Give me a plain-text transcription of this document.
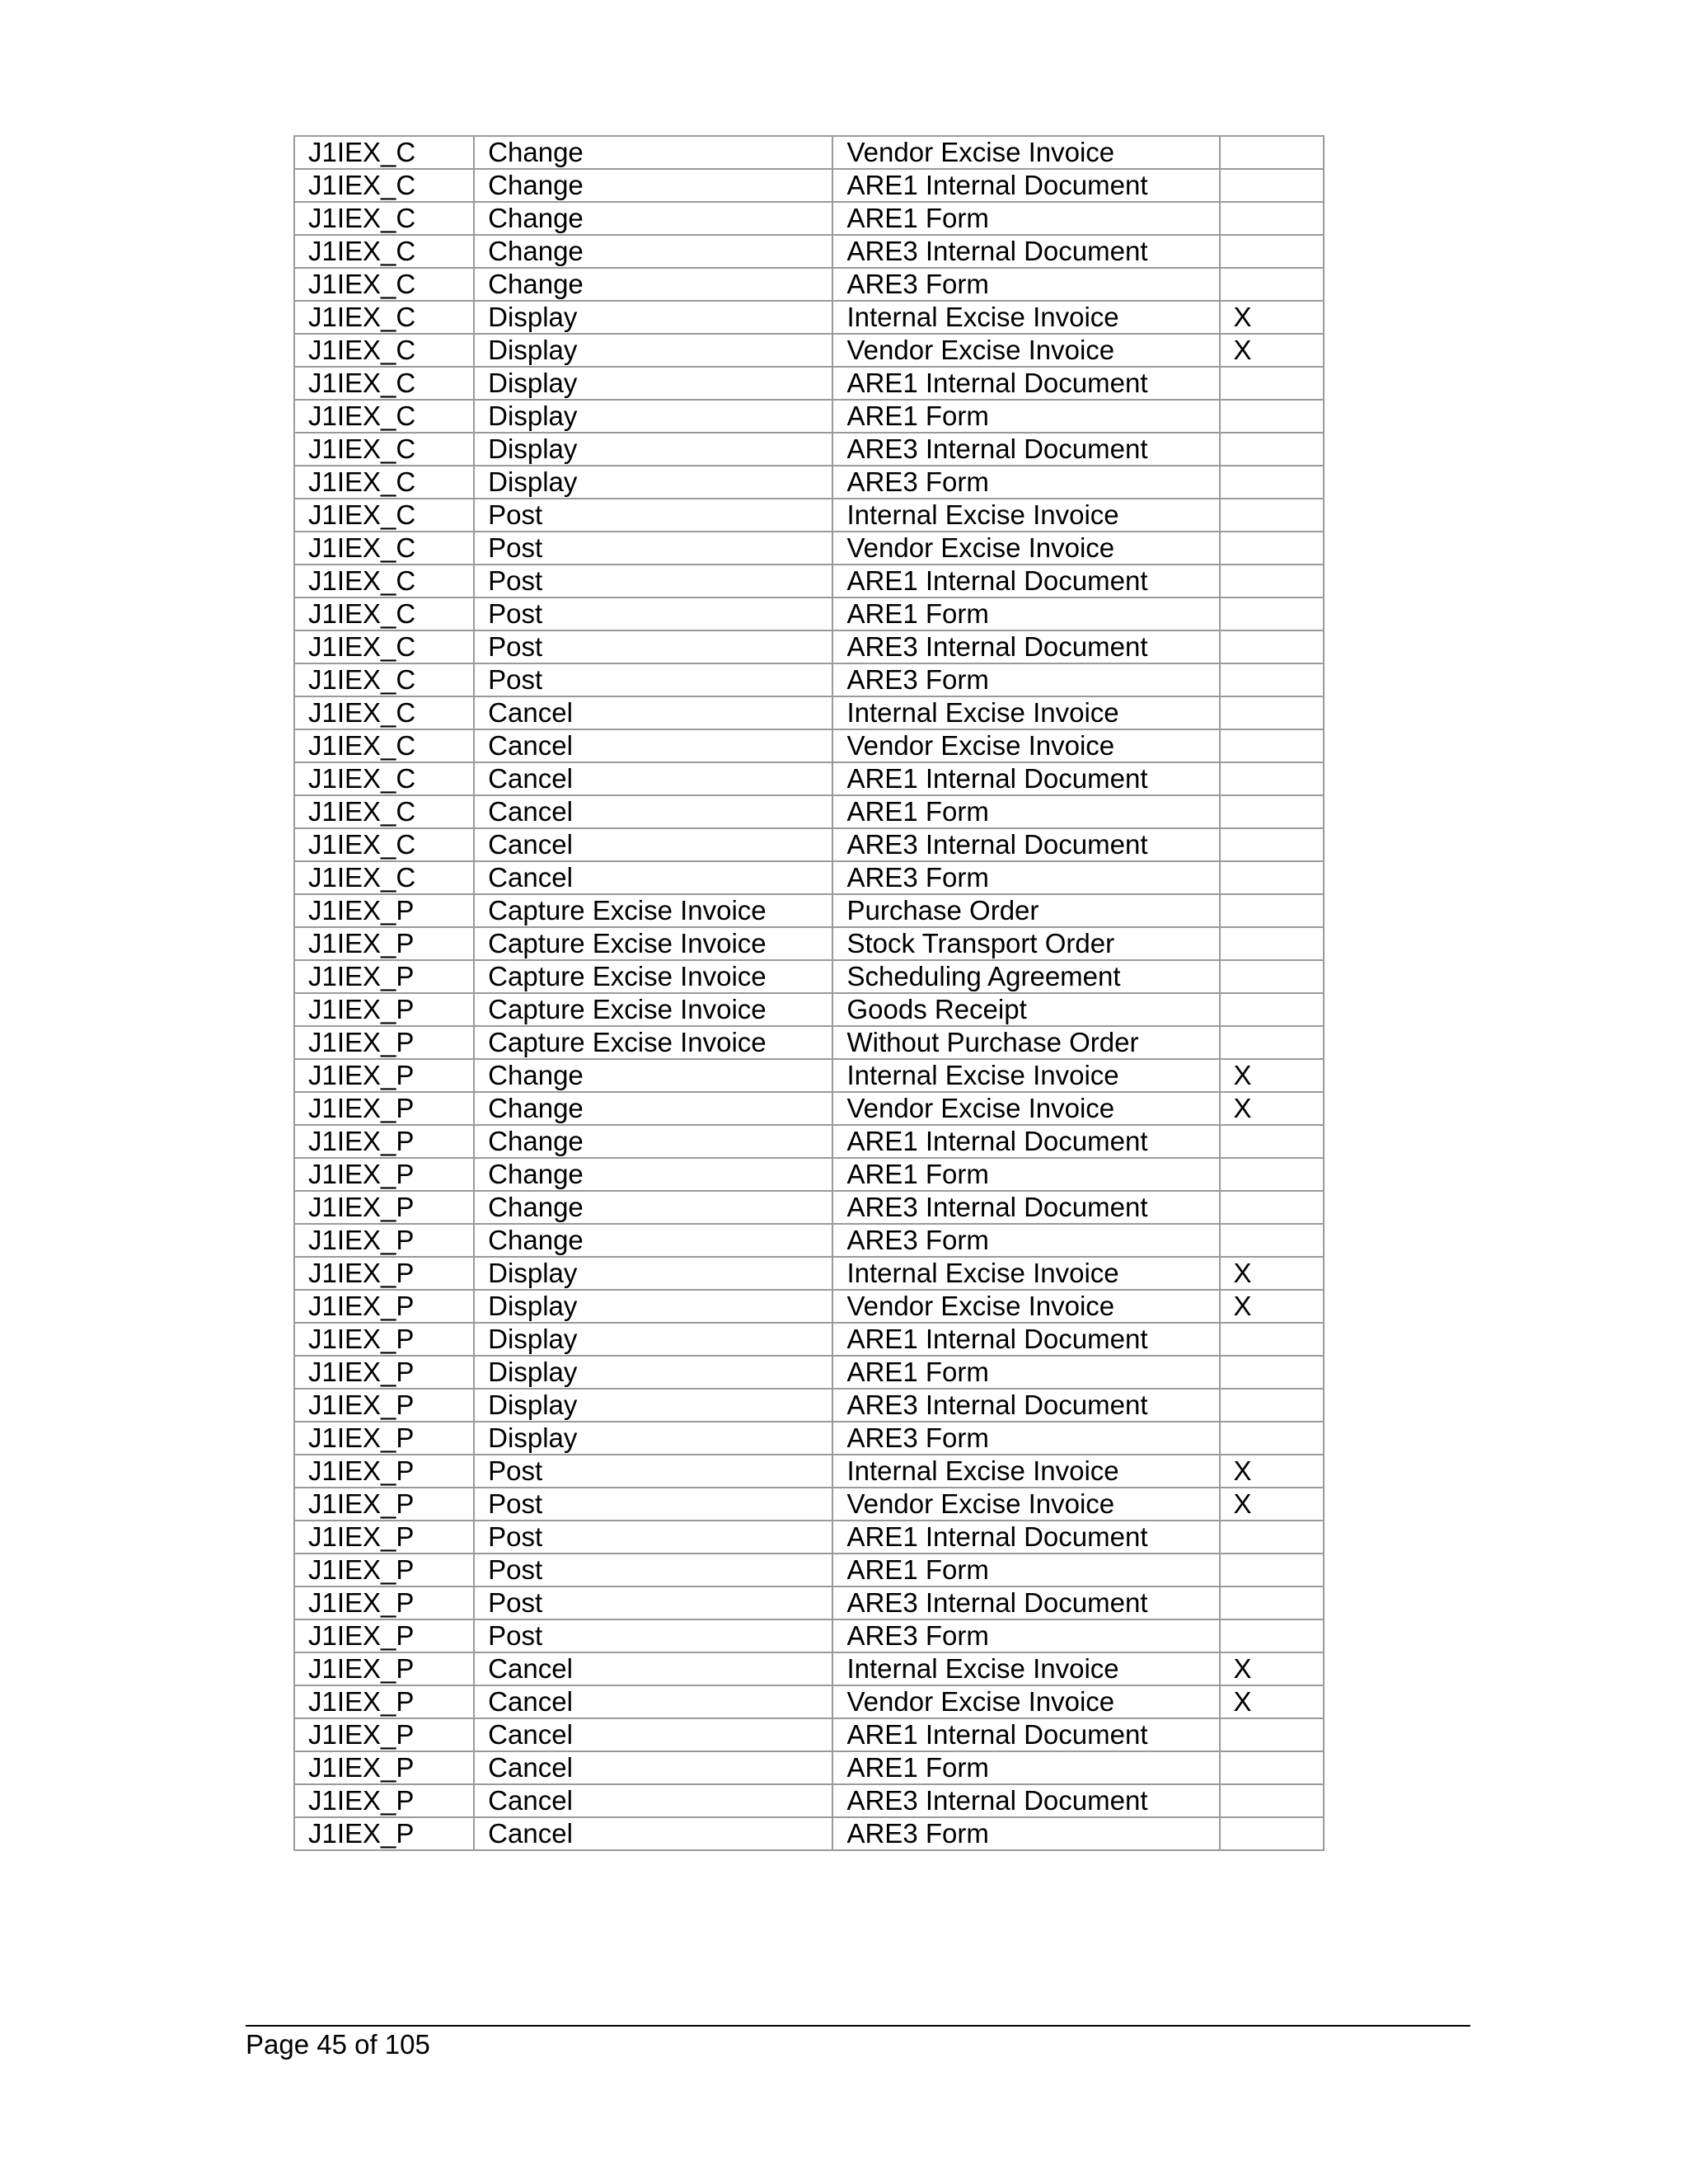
J1IEX_C	Change	Vendor Excise Invoice	
J1IEX_C	Change	ARE1 Internal Document	
J1IEX_C	Change	ARE1 Form	
J1IEX_C	Change	ARE3 Internal Document	
J1IEX_C	Change	ARE3 Form	
J1IEX_C	Display	Internal Excise Invoice	X
J1IEX_C	Display	Vendor Excise Invoice	X
J1IEX_C	Display	ARE1 Internal Document	
J1IEX_C	Display	ARE1 Form	
J1IEX_C	Display	ARE3 Internal Document	
J1IEX_C	Display	ARE3 Form	
J1IEX_C	Post	Internal Excise Invoice	
J1IEX_C	Post	Vendor Excise Invoice	
J1IEX_C	Post	ARE1 Internal Document	
J1IEX_C	Post	ARE1 Form	
J1IEX_C	Post	ARE3 Internal Document	
J1IEX_C	Post	ARE3 Form	
J1IEX_C	Cancel	Internal Excise Invoice	
J1IEX_C	Cancel	Vendor Excise Invoice	
J1IEX_C	Cancel	ARE1 Internal Document	
J1IEX_C	Cancel	ARE1 Form	
J1IEX_C	Cancel	ARE3 Internal Document	
J1IEX_C	Cancel	ARE3 Form	
J1IEX_P	Capture Excise Invoice	Purchase Order	
J1IEX_P	Capture Excise Invoice	Stock Transport Order	
J1IEX_P	Capture Excise Invoice	Scheduling Agreement	
J1IEX_P	Capture Excise Invoice	Goods Receipt	
J1IEX_P	Capture Excise Invoice	Without Purchase Order	
J1IEX_P	Change	Internal Excise Invoice	X
J1IEX_P	Change	Vendor Excise Invoice	X
J1IEX_P	Change	ARE1 Internal Document	
J1IEX_P	Change	ARE1 Form	
J1IEX_P	Change	ARE3 Internal Document	
J1IEX_P	Change	ARE3 Form	
J1IEX_P	Display	Internal Excise Invoice	X
J1IEX_P	Display	Vendor Excise Invoice	X
J1IEX_P	Display	ARE1 Internal Document	
J1IEX_P	Display	ARE1 Form	
J1IEX_P	Display	ARE3 Internal Document	
J1IEX_P	Display	ARE3 Form	
J1IEX_P	Post	Internal Excise Invoice	X
J1IEX_P	Post	Vendor Excise Invoice	X
J1IEX_P	Post	ARE1 Internal Document	
J1IEX_P	Post	ARE1 Form	
J1IEX_P	Post	ARE3 Internal Document	
J1IEX_P	Post	ARE3 Form	
J1IEX_P	Cancel	Internal Excise Invoice	X
J1IEX_P	Cancel	Vendor Excise Invoice	X
J1IEX_P	Cancel	ARE1 Internal Document	
J1IEX_P	Cancel	ARE1 Form	
J1IEX_P	Cancel	ARE3 Internal Document	
J1IEX_P	Cancel	ARE3 Form	
Page 45 of 105
